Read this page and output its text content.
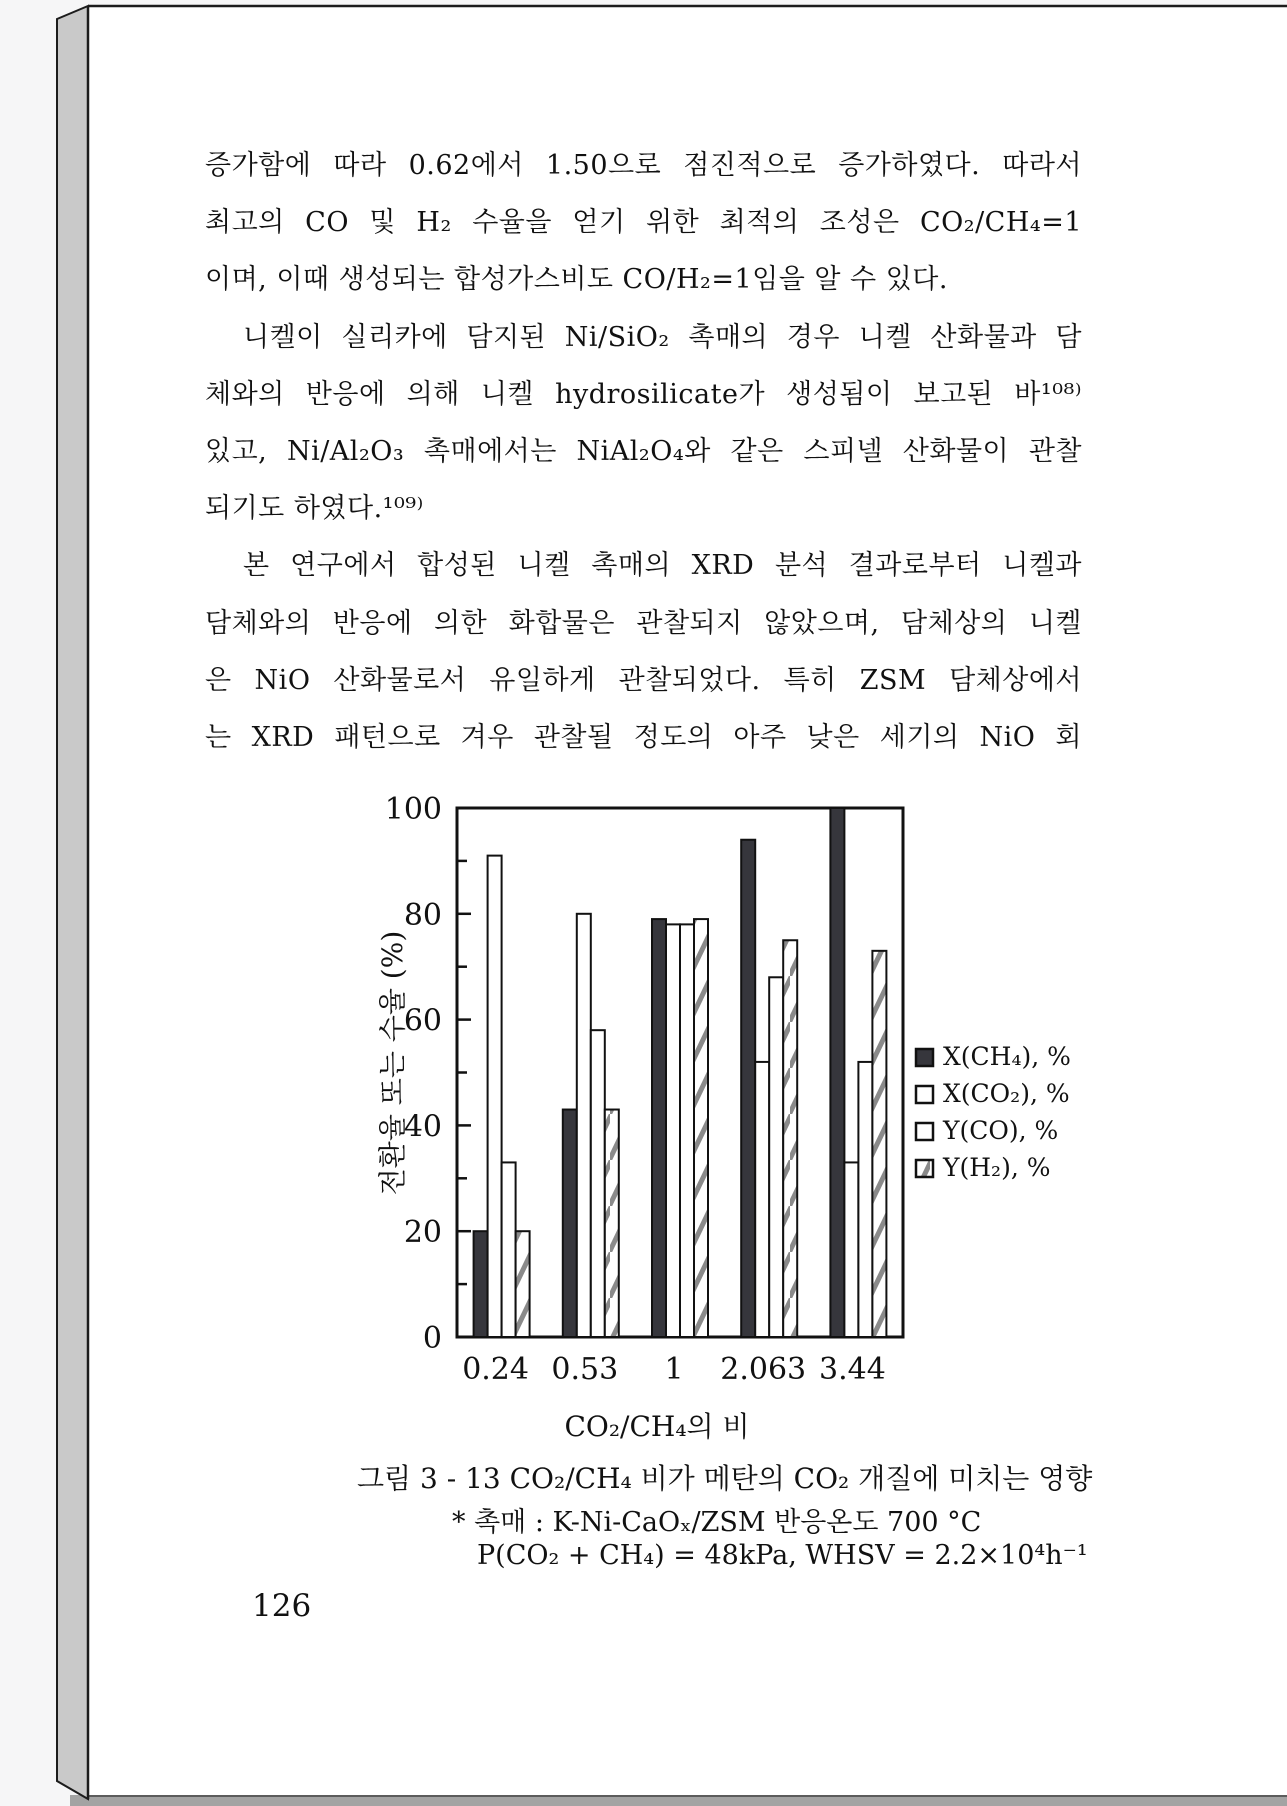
증가함에 따라 0.62에서 1.50으로 점진적으로 증가하였다. 따라서
최고의 CO 및 H₂ 수율을 얻기 위한 최적의 조성은 CO₂/CH₄=1
이며, 이때 생성되는 합성가스비도 CO/H₂=1임을 알 수 있다.
니켈이 실리카에 담지된 Ni/SiO₂ 촉매의 경우 니켈 산화물과 담
체와의 반응에 의해 니켈 hydrosilicate가 생성됨이 보고된 바¹⁰⁸⁾
있고, Ni/Al₂O₃ 촉매에서는 NiAl₂O₄와 같은 스피넬 산화물이 관찰
되기도 하였다.¹⁰⁹⁾
본 연구에서 합성된 니켈 촉매의 XRD 분석 결과로부터 니켈과
담체와의 반응에 의한 화합물은 관찰되지 않았으며, 담체상의 니켈
은 NiO 산화물로서 유일하게 관찰되었다. 특히 ZSM 담체상에서
는 XRD 패턴으로 겨우 관찰될 정도의 아주 낮은 세기의 NiO 회
0
20
40
60
80
100
0.24 0.53 1 2.063 3.44
X(CH₄), %
X(CO₂), %
Y(CO), %
Y(H₂), %
전환율 또는 수율 (%)
CO₂/CH₄의 비
그림 3 - 13 CO₂/CH₄ 비가 메탄의 CO₂ 개질에 미치는 영향
* 촉매 : K-Ni-CaOₓ/ZSM 반응온도 700 °C
P(CO₂ + CH₄) = 48kPa, WHSV = 2.2×10⁴h⁻¹
126
